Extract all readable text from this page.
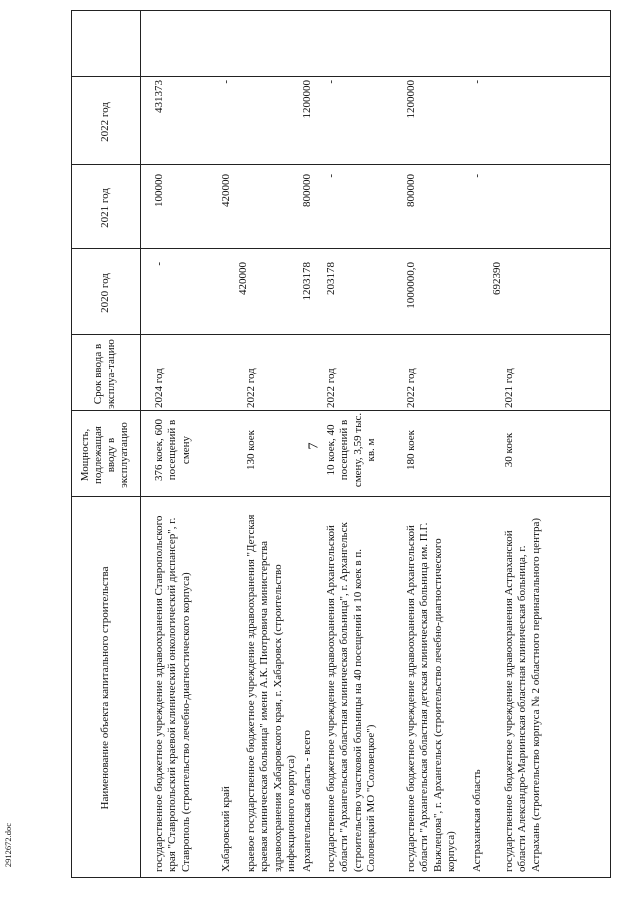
7
2912672.doc
Наименование объекта капитального строительства
Мощность, подлежащая вводу в эксплуатацию
Срок ввода в эксплуа-тацию
2020 год
2021 год
2022 год
государственное бюджетное учреждение здравоохранения Ставропольского края "Ставропольский краевой клинический онкологический диспансер", г. Ставрополь (строительство лечебно-диагностического корпуса)
376 коек, 600 посещений в смену
2024 год
-
100000
431373
Хабаровский край
420000
420000
-
краевое государственное бюджетное учреждение здравоохранения "Детская краевая клиническая больница" имени А.К. Пиотровича министерства здравоохранения Хабаровского края, г. Хабаровск (строительство инфекционного корпуса)
130 коек
2022 год
Архангельская область - всего
1203178
800000
1200000
государственное бюджетное учреждение здравоохранения Архангельской области "Архангельская областная клиническая больница", г. Архангельск (строительство участковой больницы на 40 посещений и 10 коек в п. Соловецкий МО "Соловецкое")
10 коек, 40 посещений в смену, 3,59 тыс. кв. м
2022 год
203178
-
-
государственное бюджетное учреждение здравоохранения Архангельской области "Архангельская областная детская клиническая больница им. П.Г. Выжлецова", г. Архангельск (строительство лечебно-диагностического корпуса)
180 коек
2022 год
1000000,0
800000
1200000
Астраханская область
692390
-
-
государственное бюджетное учреждение здравоохранения Астраханской области Александро-Мариинская областная клиническая больница, г. Астрахань (строительство корпуса № 2 областного перинатального центра)
30 коек
2021 год
